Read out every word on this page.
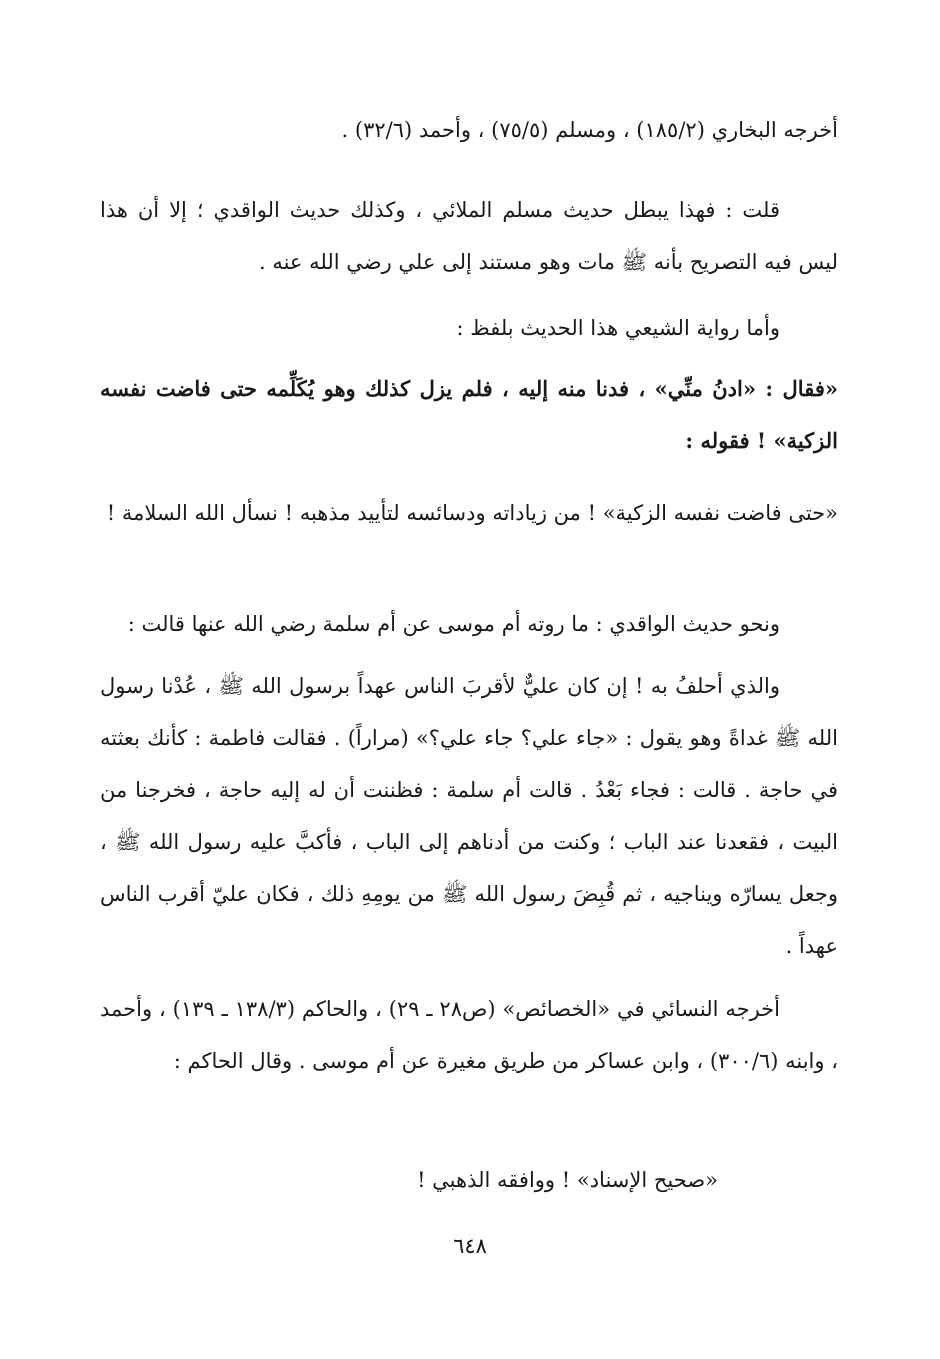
أخرجه البخاري (١٨٥/٢) ، ومسلم (٧٥/٥) ، وأحمد (٣٢/٦) .

قلت : فهذا يبطل حديث مسلم الملائي ، وكذلك حديث الواقدي ؛ إلا أن هذا ليس فيه التصريح بأنه ﷺ مات وهو مستند إلى علي رضي الله عنه .

وأما رواية الشيعي هذا الحديث بلفظ :

«فقال : «ادنُ منِّي» ، فدنا منه إليه ، فلم يزل كذلك وهو يُكَلِّمه حتى فاضت نفسه الزكية» ! فقوله :

«حتى فاضت نفسه الزكية» ! من زياداته ودسائسه لتأييد مذهبه ! نسأل الله السلامة !

ونحو حديث الواقدي : ما روته أم موسى عن أم سلمة رضي الله عنها قالت :

والذي أحلفُ به ! إن كان عليٌّ لأقربَ الناس عهداً برسول الله ﷺ ، عُدْنا رسول الله ﷺ غداةً وهو يقول : «جاء علي؟ جاء علي؟» (مراراً) . فقالت فاطمة : كأنك بعثته في حاجة . قالت : فجاء بَعْدُ . قالت أم سلمة : فظننت أن له إليه حاجة ، فخرجنا من البيت ، فقعدنا عند الباب ؛ وكنت من أدناهم إلى الباب ، فأكبَّ عليه رسول الله ﷺ ، وجعل يسارّه ويناجيه ، ثم قُبِضَ رسول الله ﷺ من يومِهِ ذلك ، فكان عليّ أقرب الناس عهداً .

أخرجه النسائي في «الخصائص» (ص٢٨ ـ ٢٩) ، والحاكم (١٣٨/٣ ـ ١٣٩) ، وأحمد ، وابنه (٣٠٠/٦) ، وابن عساكر من طريق مغيرة عن أم موسى . وقال الحاكم :

«صحيح الإسناد» ! ووافقه الذهبي !

٦٤٨
